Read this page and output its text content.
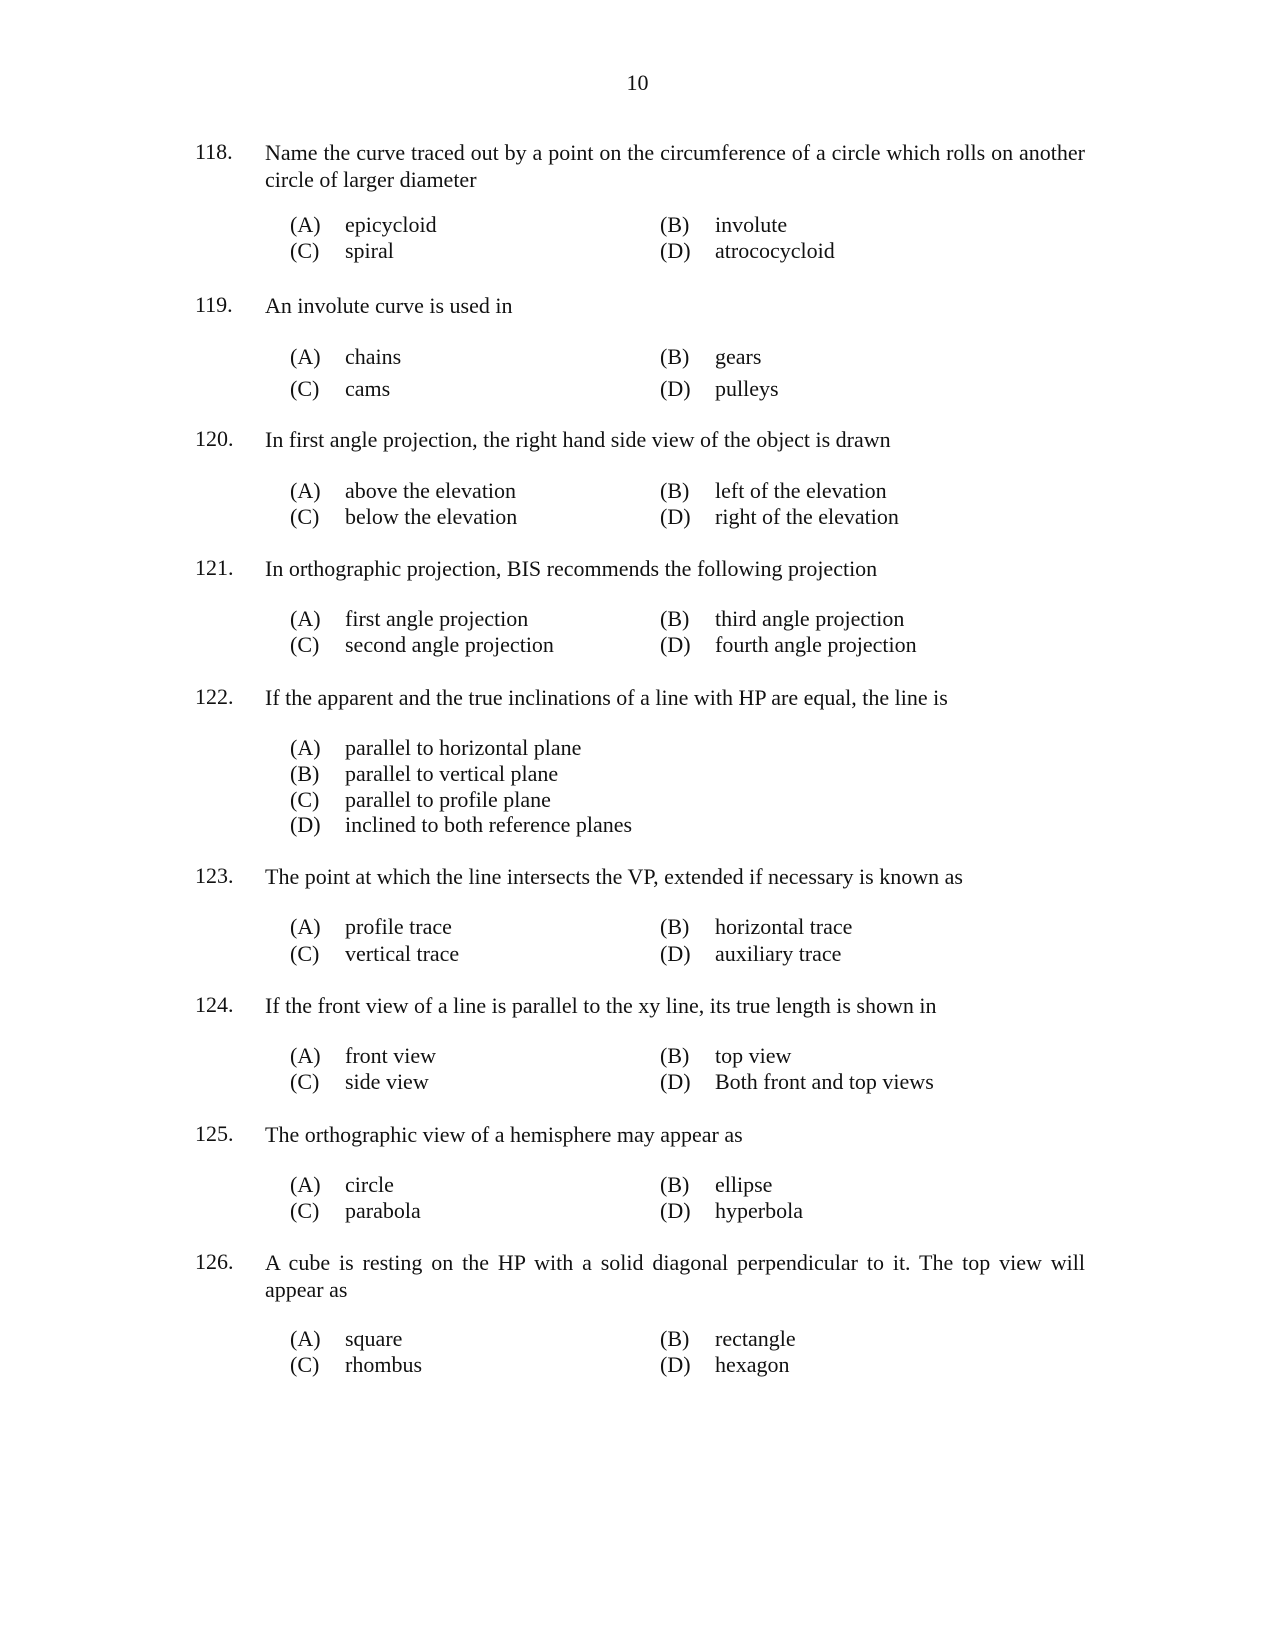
10
118.	Name the curve traced out by a point on the circumference of a circle which rolls on another circle of larger diameter
(A) epicycloid	(B) involute
(C) spiral	(D) atrococycloid
119.	An involute curve is used in
(A) chains	(B) gears
(C) cams	(D) pulleys
120.	In first angle projection, the right hand side view of the object is drawn
(A) above the elevation	(B) left of the elevation
(C) below the elevation	(D) right of the elevation
121.	In orthographic projection, BIS recommends the following projection
(A) first angle projection	(B) third angle projection
(C) second angle projection	(D) fourth angle projection
122.	If the apparent and the true inclinations of a line with HP are equal, the line is
(A) parallel to horizontal plane
(B) parallel to vertical plane
(C) parallel to profile plane
(D) inclined to both reference planes
123.	The point at which the line intersects the VP, extended if necessary is known as
(A) profile trace	(B) horizontal trace
(C) vertical trace	(D) auxiliary trace
124.	If the front view of a line is parallel to the xy line, its true length is shown in
(A) front view	(B) top view
(C) side view	(D) Both front and top views
125.	The orthographic view of a hemisphere may appear as
(A) circle	(B) ellipse
(C) parabola	(D) hyperbola
126.	A cube is resting on the HP with a solid diagonal perpendicular to it. The top view will appear as
(A) square	(B) rectangle
(C) rhombus	(D) hexagon
